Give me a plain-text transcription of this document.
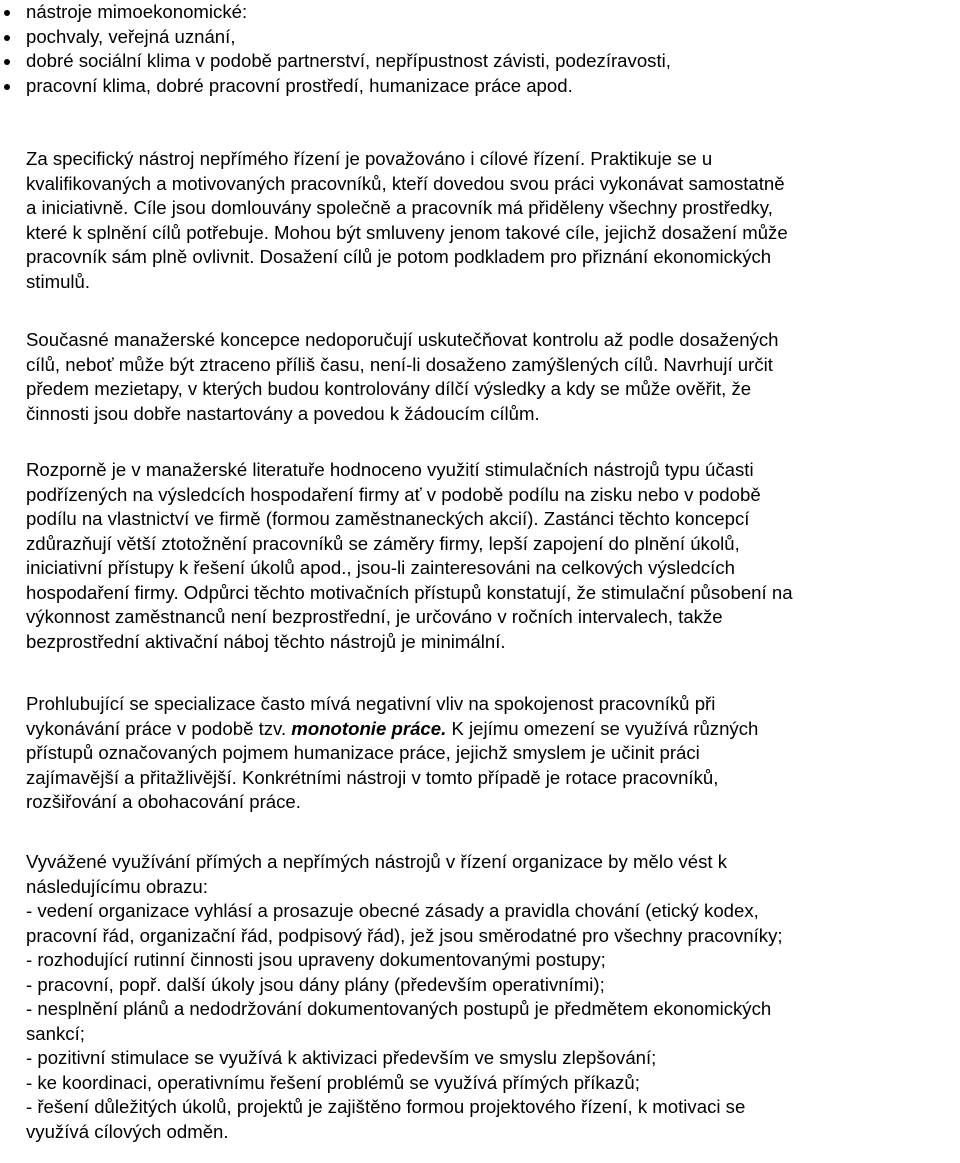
nástroje mimoekonomické:
pochvaly, veřejná uznání,
dobré sociální klima v podobě partnerství, nepřípustnost závisti, podezíravosti,
pracovní klima, dobré pracovní prostředí, humanizace práce apod.
Za specifický nástroj nepřímého řízení je považováno i cílové řízení. Praktikuje se u
kvalifikovaných a motivovaných pracovníků, kteří dovedou svou práci vykonávat samostatně
a iniciativně. Cíle jsou domlouvány společně a pracovník má přiděleny všechny prostředky,
které k splnění cílů potřebuje. Mohou být smluveny jenom takové cíle, jejichž dosažení může
pracovník sám plně ovlivnit. Dosažení cílů je potom podkladem pro přiznání ekonomických
stimulů.
Současné manažerské koncepce nedoporučují uskutečňovat kontrolu až podle dosažených
cílů, neboť může být ztraceno příliš času, není-li dosaženo zamýšlených cílů. Navrhují určit
předem mezietapy, v kterých budou kontrolovány dílčí výsledky a kdy se může ověřit, že
činnosti jsou dobře nastartovány a povedou k žádoucím cílům.
Rozporně je v manažerské literatuře hodnoceno využití stimulačních nástrojů typu účasti
podřízených na výsledcích hospodaření firmy ať v podobě podílu na zisku nebo v podobě
podílu na vlastnictví ve firmě (formou zaměstnaneckých akcií). Zastánci těchto koncepcí
zdůrazňují větší ztotožnění pracovníků se záměry firmy, lepší zapojení do plnění úkolů,
iniciativní přístupy k řešení úkolů apod., jsou-li zainteresováni na celkových výsledcích
hospodaření firmy. Odpůrci těchto motivačních přístupů konstatují, že stimulační působení na
výkonnost zaměstnanců není bezprostřední, je určováno v ročních intervalech, takže
bezprostřední aktivační náboj těchto nástrojů je minimální.
Prohlubující se specializace často mívá negativní vliv na spokojenost pracovníků při
vykonávání práce v podobě tzv. monotonie práce. K jejímu omezení se využívá různých
přístupů označovaných pojmem humanizace práce, jejichž smyslem je učinit práci
zajímavější a přitažlivější. Konkrétními nástroji v tomto případě je rotace pracovníků,
rozšiřování a obohacování práce.
Vyvážené využívání přímých a nepřímých nástrojů v řízení organizace by mělo vést k
následujícímu obrazu:
- vedení organizace vyhlásí a prosazuje obecné zásady a pravidla chování (etický kodex,
pracovní řád, organizační řád, podpisový řád), jež jsou směrodatné pro všechny pracovníky;
- rozhodující rutinní činnosti jsou upraveny dokumentovanými postupy;
- pracovní, popř. další úkoly jsou dány plány (především operativními);
- nesplnění plánů a nedodržování dokumentovaných postupů je předmětem ekonomických
sankcí;
- pozitivní stimulace se využívá k aktivizaci především ve smyslu zlepšování;
- ke koordinaci, operativnímu řešení problémů se využívá přímých příkazů;
- řešení důležitých úkolů, projektů je zajištěno formou projektového řízení, k motivaci se
využívá cílových odměn.
